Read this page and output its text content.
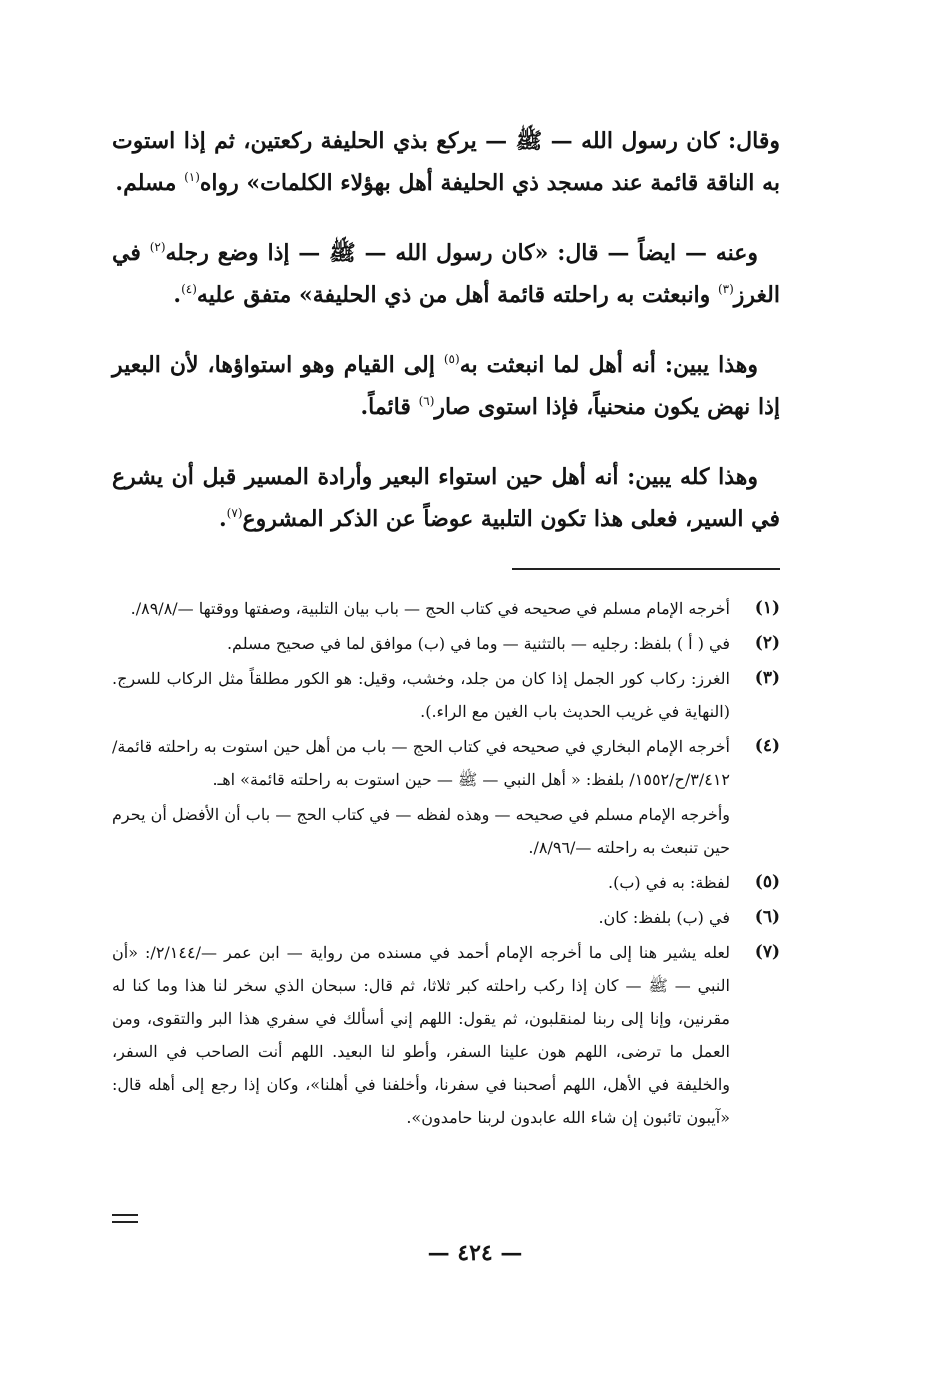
وقال: كان رسول الله — ﷺ — يركع بذي الحليفة ركعتين، ثم إذا استوت به الناقة قائمة عند مسجد ذي الحليفة أهل بهؤلاء الكلمات» رواه$^{(١)}$ مسلم.

وعنه — ايضاً — قال: «كان رسول الله — ﷺ — إذا وضع رجله$^{(٢)}$ في الغرز$^{(٣)}$ وانبعثت به راحلته قائمة أهل من ذي الحليفة» متفق عليه$^{(٤)}$.

وهذا يبين: أنه أهل لما انبعثت به$^{(٥)}$ إلى القيام وهو استواؤها، لأن البعير إذا نهض يكون منحنياً، فإذا استوى صار$^{(٦)}$ قائماً.

وهذا كله يبين: أنه أهل حين استواء البعير وأرادة المسير قبل أن يشرع في السير، فعلى هذا تكون التلبية عوضاً عن الذكر المشروع$^{(٧)}$.

(١)
أخرجه الإمام مسلم في صحيحه في كتاب الحج — باب بيان التلبية، وصفتها ووقتها —/٨٩/٨/.
(٢)
في ( أ ) بلفظ: رجليه — بالتثنية — وما في (ب) موافق لما في صحيح مسلم.
(٣)
الغرز: ركاب كور الجمل إذا كان من جلد، وخشب، وقيل: هو الكور مطلقاً مثل الركاب للسرج. (النهاية في غريب الحديث باب الغين مع الراء.).
(٤)
أخرجه الإمام البخاري في صحيحه في كتاب الحج — باب من أهل حين استوت به راحلته قائمة/٣/٤١٢/ح/١٥٥٢/ بلفظ: « أهل النبي — ﷺ — حين استوت به راحلته قائمة» اهـ.
وأخرجه الإمام مسلم في صحيحه — وهذه لفظه — في كتاب الحج — باب أن الأفضل أن يحرم حين تنبعث به راحلته —/٨/٩٦/.
(٥)
لفظة: به في (ب).
(٦)
في (ب) بلفظ: كان.
(٧)
لعله يشير هنا إلى ما أخرجه الإمام أحمد في مسنده من رواية — ابن عمر —/٢/١٤٤/: «أن النبي — ﷺ — كان إذا ركب راحلته كبر ثلاثا، ثم قال: سبحان الذي سخر لنا هذا وما كنا له مقرنين، وإنا إلى ربنا لمنقلبون، ثم يقول: اللهم إني أسألك في سفري هذا البر والتقوى، ومن العمل ما ترضى، اللهم هون علينا السفر، وأطو لنا البعيد. اللهم أنت الصاحب في السفر، والخليفة في الأهل، اللهم أصحبنا في سفرنا، وأخلفنا في أهلنا»، وكان إذا رجع إلى أهله قال: «آيبون تائبون إن شاء الله عابدون لربنا حامدون».
— ٤٢٤ —
